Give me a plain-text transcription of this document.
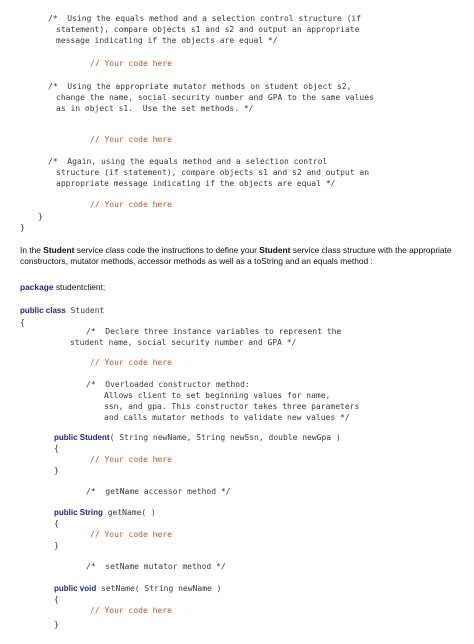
/*  Using the equals method and a selection control structure (if
statement), compare objects s1 and s2 and output an appropriate
message indicating if the objects are equal */
// Your code here
/*  Using the appropriate mutator methods on student object s2,
change the name, social security number and GPA to the same values
as in object s1.  Use the set methods. */
// Your code here
/*  Again, using the equals method and a selection control
structure (if statement), compare objects s1 and s2 and output an
appropriate message indicating if the objects are equal */
// Your code here
}
}
In the Student service class code the instructions to define your Student service class structure with the appropriate constructors, mutator methods, accessor methods as well as a toString and an equals method :
package studentclient;
public class Student
{
/*  Declare three instance variables to represent the
student name, social security number and GPA */
// Your code here
/*  Overloaded constructor method:
Allows client to set beginning values for name,
ssn, and gpa. This constructor takes three parameters
and calls mutator methods to validate new values */
public Student( String newName, String newSsn, double newGpa )
{
// Your code here
}
/*  getName accessor method */
public String getName( )
{
// Your code here
}
/*  setName mutator method */
public void setName( String newName )
{
// Your code here
}
